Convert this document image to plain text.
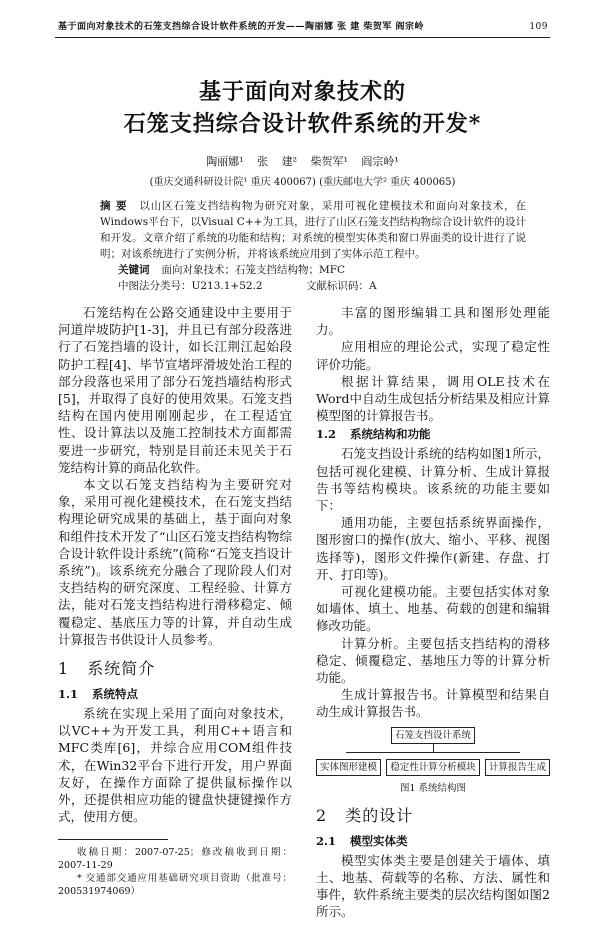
基于面向对象技术的石笼支挡综合设计软件系统的开发——陶丽娜 张 建 柴贺军 阎宗岭	109
基于面向对象技术的
石笼支挡综合设计软件系统的开发*
陶丽娜¹ 张 建² 柴贺军¹ 阎宗岭¹
(重庆交通科研设计院¹ 重庆 400067) (重庆邮电大学² 重庆 400065)
摘 要 以山区石笼支挡结构物为研究对象，采用可视化建模技术和面向对象技术，在Windows平台下，以Visual C++为工具，进行了山区石笼支挡结构物综合设计软件的设计和开发。文章介绍了系统的功能和结构；对系统的模型实体类和窗口界面类的设计进行了说明；对该系统进行了实例分析，并将该系统应用到了实体示范工程中。
关键词 面向对象技术；石笼支挡结构物；MFC
中图法分类号：U213.1+52.2	文献标识码：A

石笼结构在公路交通建设中主要用于河道岸坡防护[1-3]，并且已有部分段落进行了石笼挡墙的设计，如长江荆江起始段防护工程[4]、毕节宣堵坪滑坡处治工程的部分段落也采用了部分石笼挡墙结构形式[5]，并取得了良好的使用效果。石笼支挡结构在国内使用刚刚起步，在工程适宜性、设计算法以及施工控制技术方面都需要进一步研究，特别是目前还未见关于石笼结构计算的商品化软件。

本文以石笼支挡结构为主要研究对象，采用可视化建模技术，在石笼支挡结构理论研究成果的基础上，基于面向对象和组件技术开发了“山区石笼支挡结构物综合设计软件设计系统”(简称“石笼支挡设计系统”)。该系统充分融合了现阶段人们对支挡结构的研究深度、工程经验、计算方法，能对石笼支挡结构进行滑移稳定、倾覆稳定、基底压力等的计算，并自动生成计算报告书供设计人员参考。

1 系统简介
1.1 系统特点

系统在实现上采用了面向对象技术，以VC++为开发工具，利用C++语言和MFC类库[6]，并综合应用COM组件技术，在Win32平台下进行开发，用户界面友好，在操作方面除了提供鼠标操作以外，还提供相应功能的键盘快捷键操作方式，使用方便。

收稿日期：2007-07-25；修改稿收到日期：2007-11-29
* 交通部交通应用基础研究项目资助（批准号：200531974069）

丰富的图形编辑工具和图形处理能力。

应用相应的理论公式，实现了稳定性评价功能。

根据计算结果，调用OLE技术在Word中自动生成包括分析结果及相应计算模型图的计算报告书。

1.2 系统结构和功能

石笼支挡设计系统的结构如图1所示，包括可视化建模、计算分析、生成计算报告书等结构模块。该系统的功能主要如下：

通用功能，主要包括系统界面操作，图形窗口的操作(放大、缩小、平移、视图选择等)，图形文件操作(新建、存盘、打开、打印等)。

可视化建模功能。主要包括实体对象如墙体、填土、地基、荷载的创建和编辑修改功能。

计算分析。主要包括支挡结构的滑移稳定、倾覆稳定、基地压力等的计算分析功能。

生成计算报告书。计算模型和结果自动生成计算报告书。

石笼支挡设计系统
实体图形建模	稳定性计算分析模块	计算报告生成
图1 系统结构图
2 类的设计
2.1 模型实体类

模型实体类主要是创建关于墙体、填土、地基、荷载等的名称、方法、属性和事件，软件系统主要类的层次结构图如图2所示。
